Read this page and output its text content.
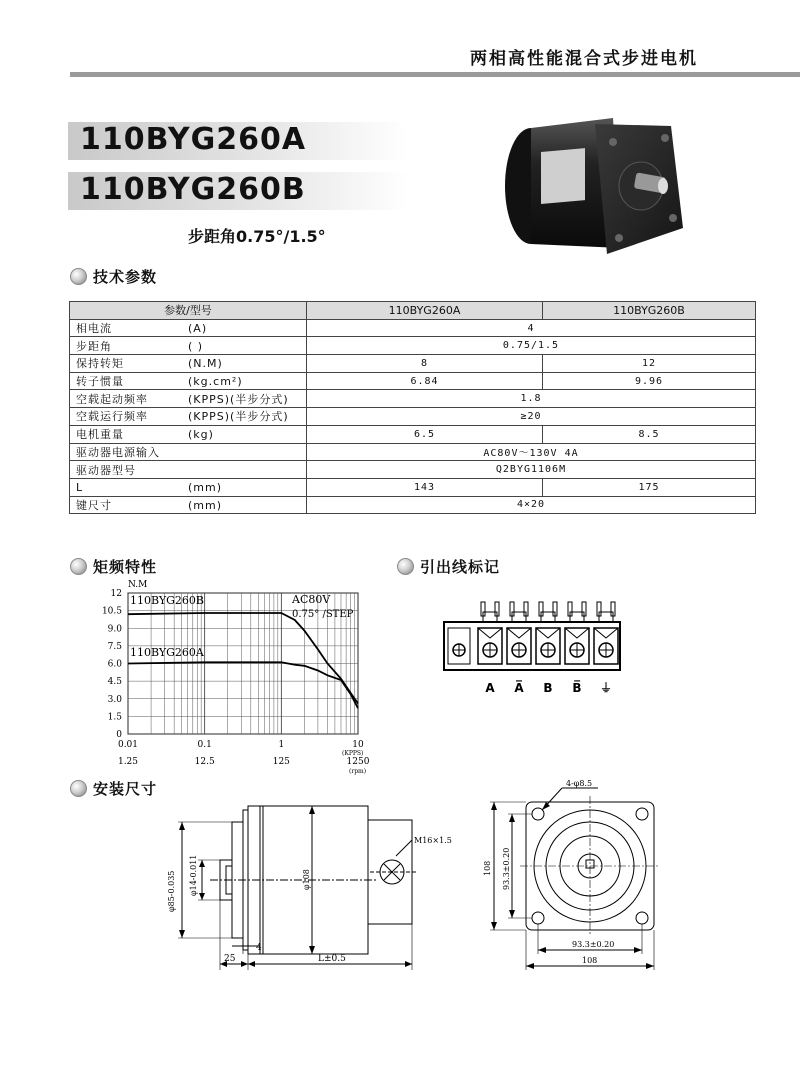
两相高性能混合式步进电机
110BYG260A
110BYG260B
步距角0.75°/1.5°
技术参数
参数/型号	110BYG260A	110BYG260B
相电流 (A)	4	
步距角 ( )	0.75/1.5	
保持转矩 (N.M)	8	12
转子惯量 (kg.cm²)	6.84	9.96
空载起动频率 (KPPS)(半步分式)	1.8	
空载运行频率 (KPPS)(半步分式)	≥20	
电机重量 (kg)	6.5	8.5
驱动器电源输入	AC80V～130V 4A	
驱动器型号	Q2BYG1106M	
L (mm)	143	175
键尺寸 (mm)	4×20	
矩频特性
12
10.5
9.0
7.5
6.0
4.5
3.0
1.5
0
0.01
1.25
0.1
12.5
1
125
10
1250
N.M
110BYG260B
110BYG260A
AC80V
0.75° /STEP
(KPPS)
(rpm)
引出线标记
A A̅ B B̅ ⏚
安装尺寸
φ85-0.035 φ14-0.011	φ108
M16×1.5
4
25	L±0.5
4-φ8.5
108 93.3±0.20
93.3±0.20
108
